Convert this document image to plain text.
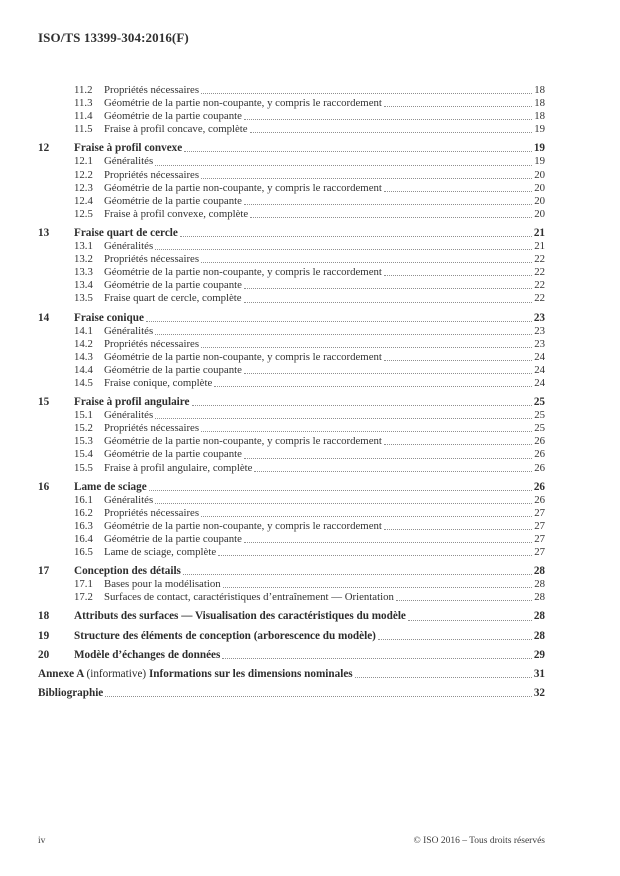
ISO/TS 13399-304:2016(F)
11.2	Propriétés nécessaires	18
11.3	Géométrie de la partie non-coupante, y compris le raccordement	18
11.4	Géométrie de la partie coupante	18
11.5	Fraise à profil concave, complète	19
12	Fraise à profil convexe	19
12.1	Généralités	19
12.2	Propriétés nécessaires	20
12.3	Géométrie de la partie non-coupante, y compris le raccordement	20
12.4	Géométrie de la partie coupante	20
12.5	Fraise à profil convexe, complète	20
13	Fraise quart de cercle	21
13.1	Généralités	21
13.2	Propriétés nécessaires	22
13.3	Géométrie de la partie non-coupante, y compris le raccordement	22
13.4	Géométrie de la partie coupante	22
13.5	Fraise quart de cercle, complète	22
14	Fraise conique	23
14.1	Généralités	23
14.2	Propriétés nécessaires	23
14.3	Géométrie de la partie non-coupante, y compris le raccordement	24
14.4	Géométrie de la partie coupante	24
14.5	Fraise conique, complète	24
15	Fraise à profil angulaire	25
15.1	Généralités	25
15.2	Propriétés nécessaires	25
15.3	Géométrie de la partie non-coupante, y compris le raccordement	26
15.4	Géométrie de la partie coupante	26
15.5	Fraise à profil angulaire, complète	26
16	Lame de sciage	26
16.1	Généralités	26
16.2	Propriétés nécessaires	27
16.3	Géométrie de la partie non-coupante, y compris le raccordement	27
16.4	Géométrie de la partie coupante	27
16.5	Lame de sciage, complète	27
17	Conception des détails	28
17.1	Bases pour la modélisation	28
17.2	Surfaces de contact, caractéristiques d’entraînement — Orientation	28
18	Attributs des surfaces — Visualisation des caractéristiques du modèle	28
19	Structure des éléments de conception (arborescence du modèle)	28
20	Modèle d’échanges de données	29
Annexe A (informative) Informations sur les dimensions nominales	31
Bibliographie	32
iv	© ISO 2016 – Tous droits réservés
